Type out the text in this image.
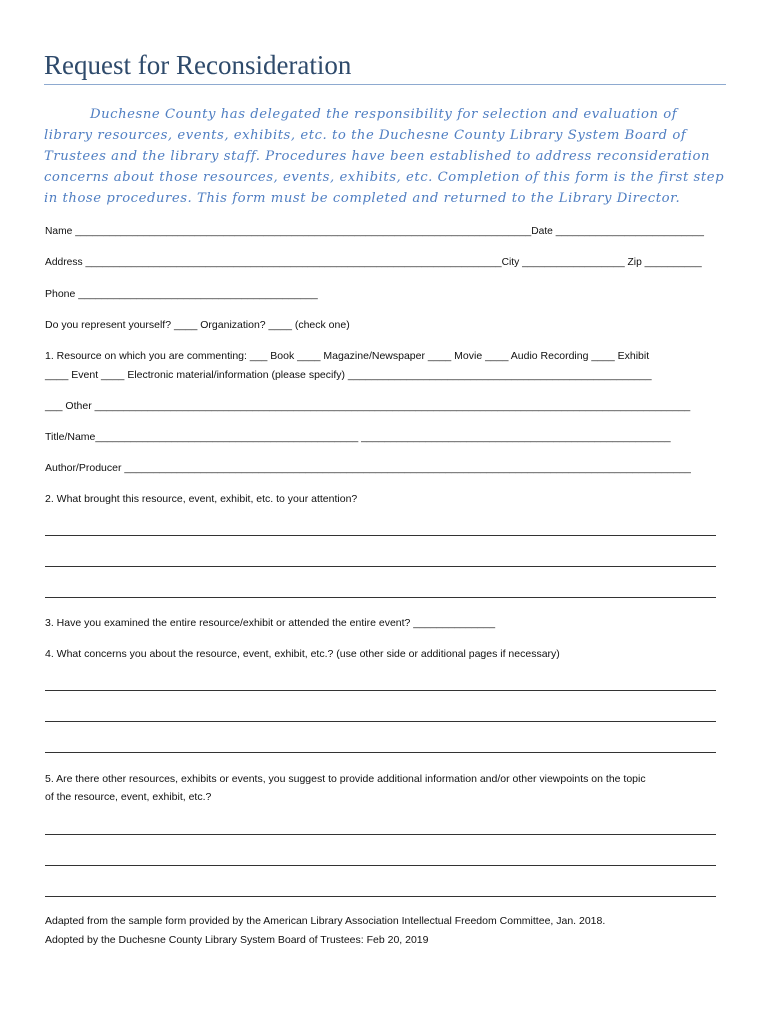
Request for Reconsideration

Duchesne County has delegated the responsibility for selection and evaluation of library resources, events, exhibits, etc. to the Duchesne County Library System Board of Trustees and the library staff. Procedures have been established to address reconsideration concerns about those resources, events, exhibits, etc. Completion of this form is the first step in those procedures. This form must be completed and returned to the Library Director.

Name ________________________________________________________________________________Date __________________________
Address _________________________________________________________________________City __________________ Zip __________
Phone _________________________________________
Do you represent yourself? ____ Organization? ____ (check one)
1. Resource on which you are commenting: ___ Book ____ Magazine/Newspaper ____ Movie ____ Audio Recording ____ Exhibit
____ Event ____ Electronic material/information (please specify) ____________________________________________________
___ Other ______________________________________________________________________________________________________
Title/Name_____________________________________________ _____________________________________________________
Author/Producer _________________________________________________________________________________________________
2. What brought this resource, event, exhibit, etc. to your attention?
3. Have you examined the entire resource/exhibit or attended the entire event? ______________
4. What concerns you about the resource, event, exhibit, etc.? (use other side or additional pages if necessary)
5. Are there other resources, exhibits or events, you suggest to provide additional information and/or other viewpoints on the topic
of the resource, event, exhibit, etc.?
Adapted from the sample form provided by the American Library Association Intellectual Freedom Committee, Jan. 2018.
Adopted by the Duchesne County Library System Board of Trustees: Feb 20, 2019
